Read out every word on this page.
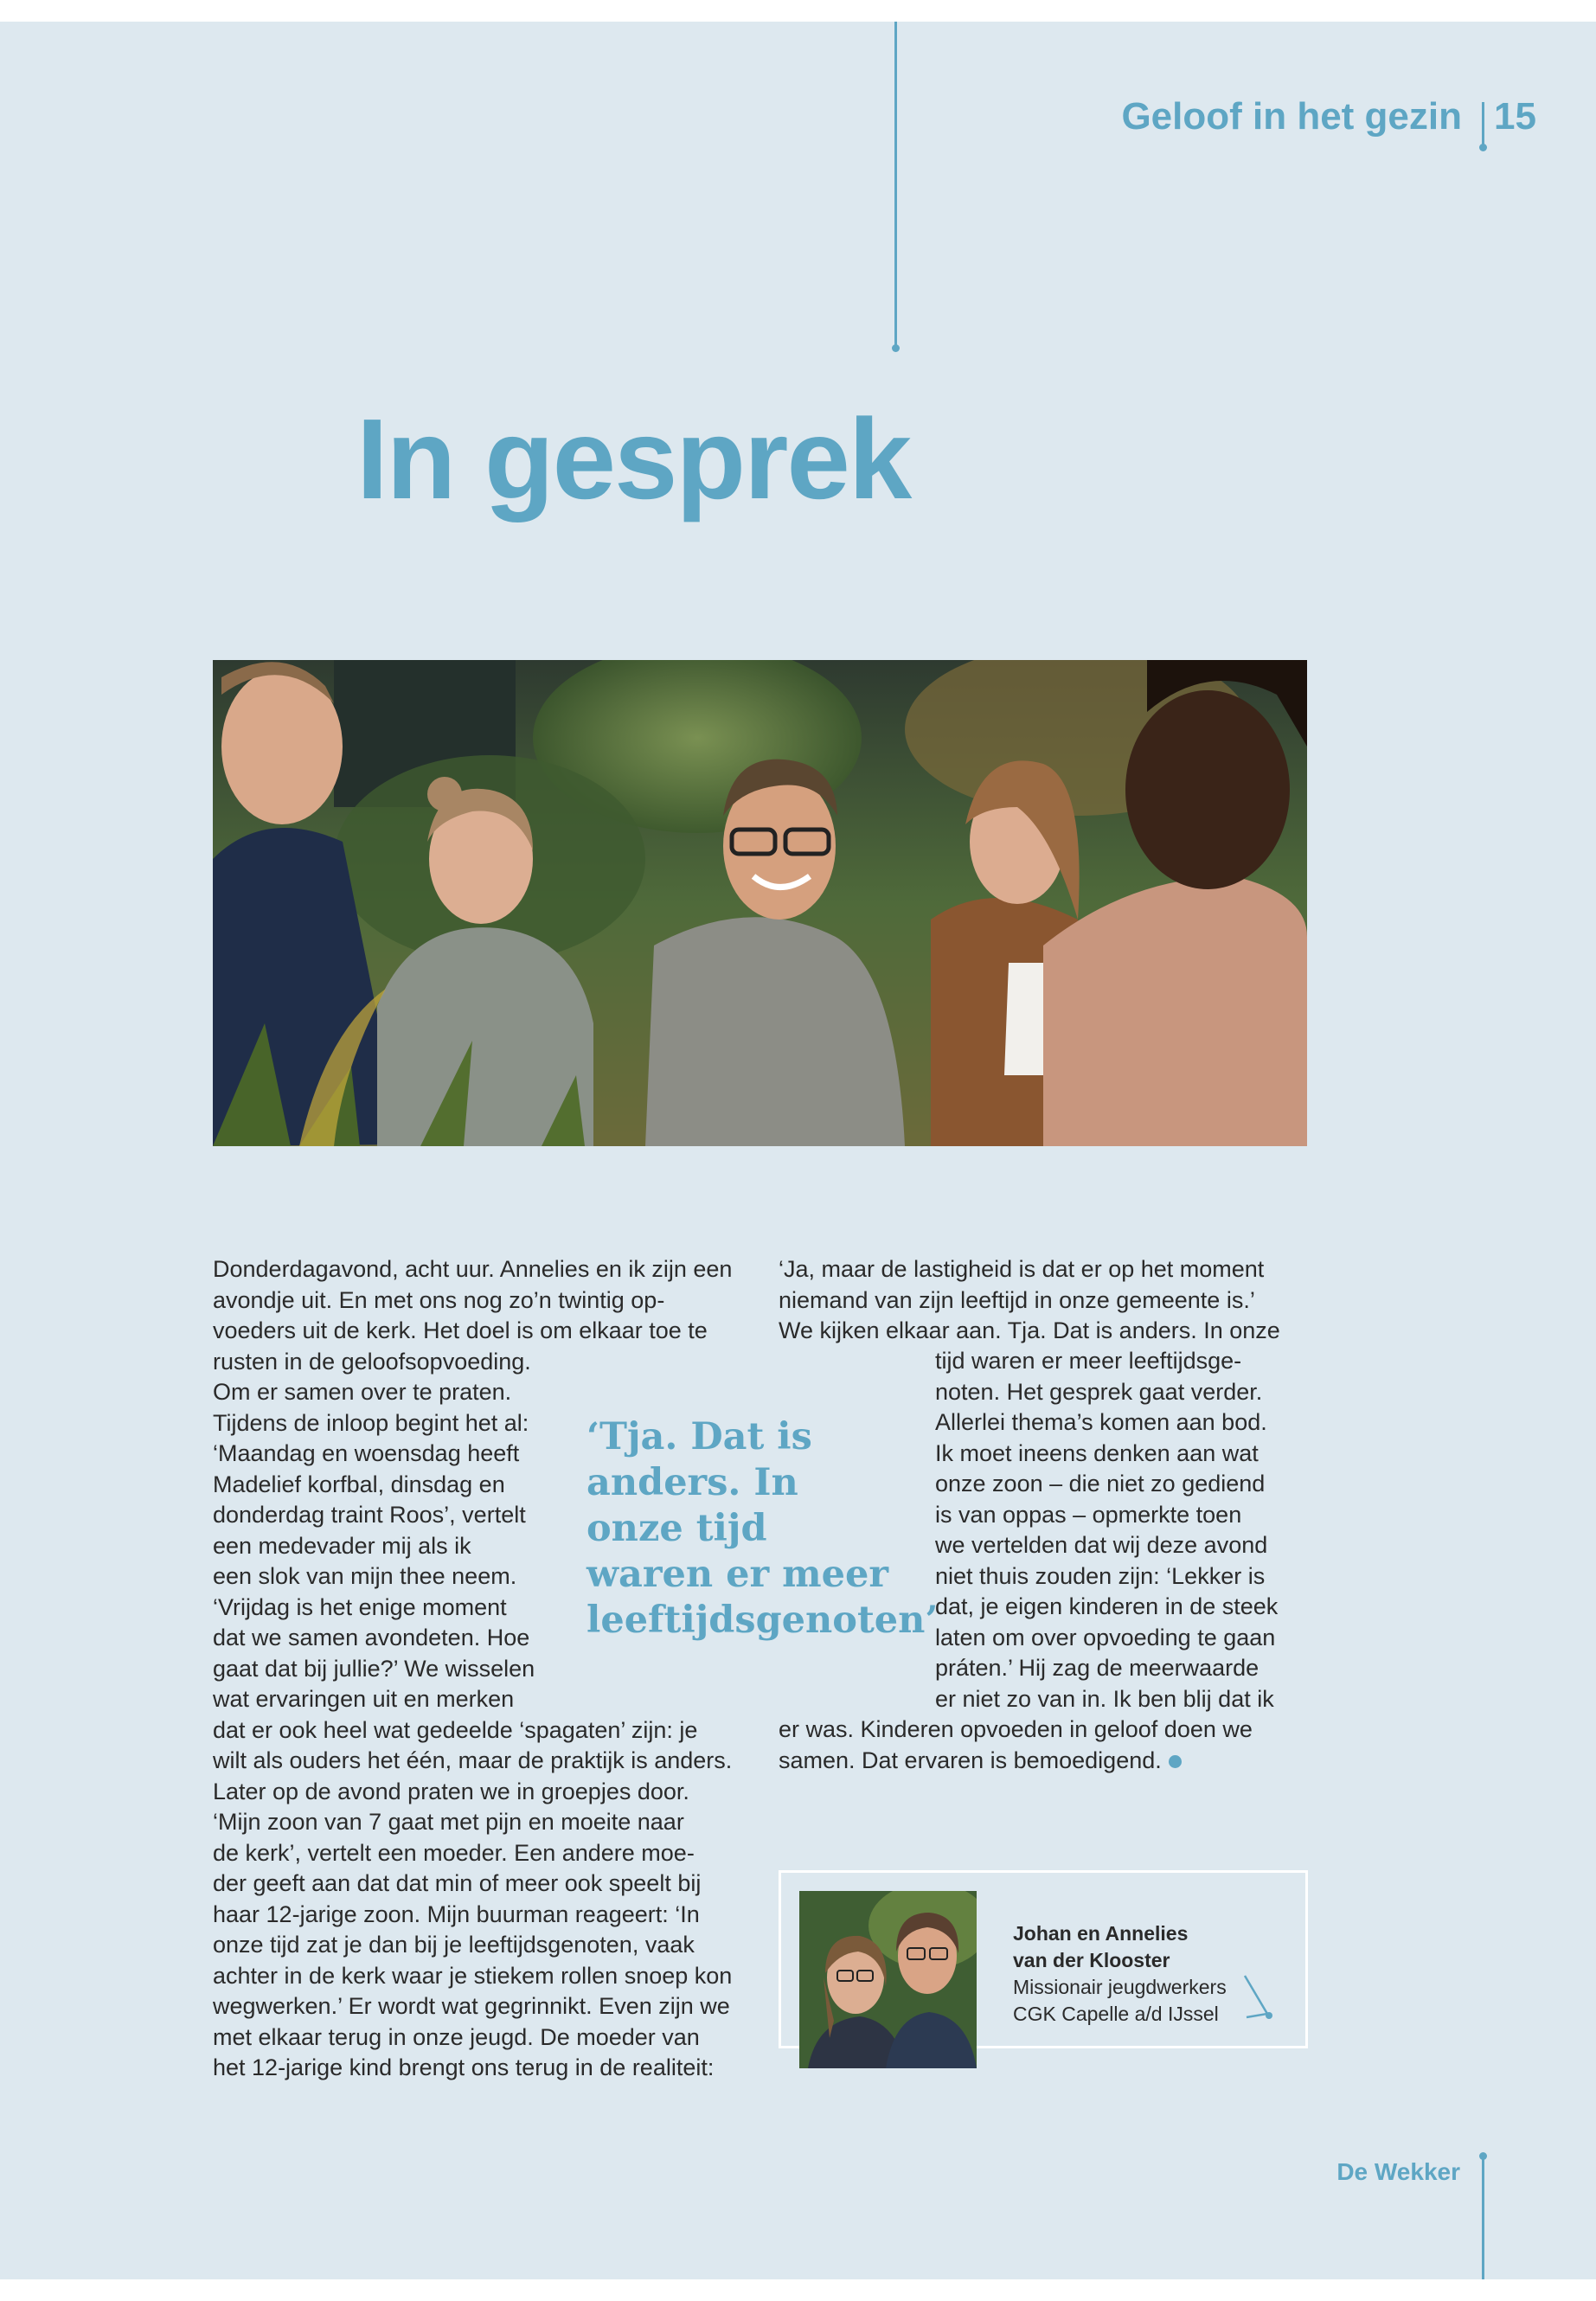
Geloof in het gezin 15
In gesprek
Donderdagavond, acht uur. Annelies en ik zijn een
avondje uit. En met ons nog zo’n twintig op-
voeders uit de kerk. Het doel is om elkaar toe te
rusten in de geloofsopvoeding.
Om er samen over te praten.
Tijdens de inloop begint het al:
‘Maandag en woensdag heeft
Madelief korfbal, dinsdag en
donderdag traint Roos’, vertelt
een medevader mij als ik
een slok van mijn thee neem.
‘Vrijdag is het enige moment
dat we samen avondeten. Hoe
gaat dat bij jullie?’ We wisselen
wat ervaringen uit en merken
dat er ook heel wat gedeelde ‘spagaten’ zijn: je
wilt als ouders het één, maar de praktijk is anders.
Later op de avond praten we in groepjes door.
‘Mijn zoon van 7 gaat met pijn en moeite naar
de kerk’, vertelt een moeder. Een andere moe-
der geeft aan dat dat min of meer ook speelt bij
haar 12-jarige zoon. Mijn buurman reageert: ‘In
onze tijd zat je dan bij je leeftijdsgenoten, vaak
achter in de kerk waar je stiekem rollen snoep kon
wegwerken.’ Er wordt wat gegrinnikt. Even zijn we
met elkaar terug in onze jeugd. De moeder van
het 12-jarige kind brengt ons terug in de realiteit:
‘Ja, maar de lastigheid is dat er op het moment
niemand van zijn leeftijd in onze gemeente is.’
We kijken elkaar aan. Tja. Dat is anders. In onze
tijd waren er meer leeftijdsge-
noten. Het gesprek gaat verder.
Allerlei thema’s komen aan bod.
Ik moet ineens denken aan wat
onze zoon – die niet zo gediend
is van oppas – opmerkte toen
we vertelden dat wij deze avond
niet thuis zouden zijn: ‘Lekker is
dat, je eigen kinderen in de steek
laten om over opvoeding te gaan
práten.’ Hij zag de meerwaarde
er niet zo van in. Ik ben blij dat ik
er was. Kinderen opvoeden in geloof doen we
samen. Dat ervaren is bemoedigend.
‘Tja. Dat is
anders. In
onze tijd
waren er meer
leeftijdsgenoten’
Johan en Annelies
van der Klooster
Missionair jeugdwerkers
CGK Capelle a/d IJssel
De Wekker
